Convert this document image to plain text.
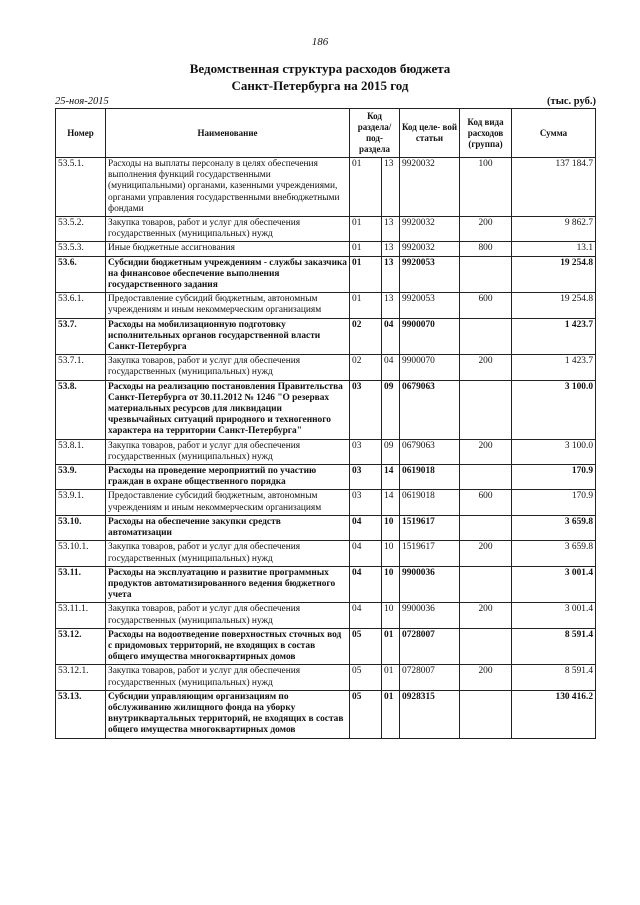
186
Ведомственная структура расходов бюджета
Санкт-Петербурга на 2015 год
25-ноя-2015	(тыс. руб.)
Номер	Наименование	Код раздела/ под- раздела		Код целе- вой статьи	Код вида расходов (группа)	Сумма
53.5.1.	Расходы на выплаты персоналу в целях обеспечения выполнения функций государственными (муниципальными) органами, казенными учреждениями, органами управления государственными внебюджетными фондами	01	13	9920032	100	137 184.7
53.5.2.	Закупка товаров, работ и услуг для обеспечения государственных (муниципальных) нужд	01	13	9920032	200	9 862.7
53.5.3.	Иные бюджетные ассигнования	01	13	9920032	800	13.1
53.6.	Субсидии бюджетным учреждениям - службы заказчика на финансовое обеспечение выполнения государственного задания	01	13	9920053		19 254.8
53.6.1.	Предоставление субсидий бюджетным, автономным учреждениям и иным некоммерческим организациям	01	13	9920053	600	19 254.8
53.7.	Расходы на мобилизационную подготовку исполнительных органов государственной власти Санкт-Петербурга	02	04	9900070		1 423.7
53.7.1.	Закупка товаров, работ и услуг для обеспечения государственных (муниципальных) нужд	02	04	9900070	200	1 423.7
53.8.	Расходы на реализацию постановления Правительства Санкт-Петербурга от 30.11.2012 № 1246 "О резервах материальных ресурсов для ликвидации чрезвычайных ситуаций природного и техногенного характера на территории Санкт-Петербурга"	03	09	0679063		3 100.0
53.8.1.	Закупка товаров, работ и услуг для обеспечения государственных (муниципальных) нужд	03	09	0679063	200	3 100.0
53.9.	Расходы на проведение мероприятий по участию граждан в охране общественного порядка	03	14	0619018		170.9
53.9.1.	Предоставление субсидий бюджетным, автономным учреждениям и иным некоммерческим организациям	03	14	0619018	600	170.9
53.10.	Расходы на обеспечение закупки средств автоматизации	04	10	1519617		3 659.8
53.10.1.	Закупка товаров, работ и услуг для обеспечения государственных (муниципальных) нужд	04	10	1519617	200	3 659.8
53.11.	Расходы на эксплуатацию и развитие программных продуктов автоматизированного ведения бюджетного учета	04	10	9900036		3 001.4
53.11.1.	Закупка товаров, работ и услуг для обеспечения государственных (муниципальных) нужд	04	10	9900036	200	3 001.4
53.12.	Расходы на водоотведение поверхностных сточных вод с придомовых территорий, не входящих в состав общего имущества многоквартирных домов	05	01	0728007		8 591.4
53.12.1.	Закупка товаров, работ и услуг для обеспечения государственных (муниципальных) нужд	05	01	0728007	200	8 591.4
53.13.	Субсидии управляющим организациям по обслуживанию жилищного фонда на уборку внутриквартальных территорий, не входящих в состав общего имущества многоквартирных домов	05	01	0928315		130 416.2
